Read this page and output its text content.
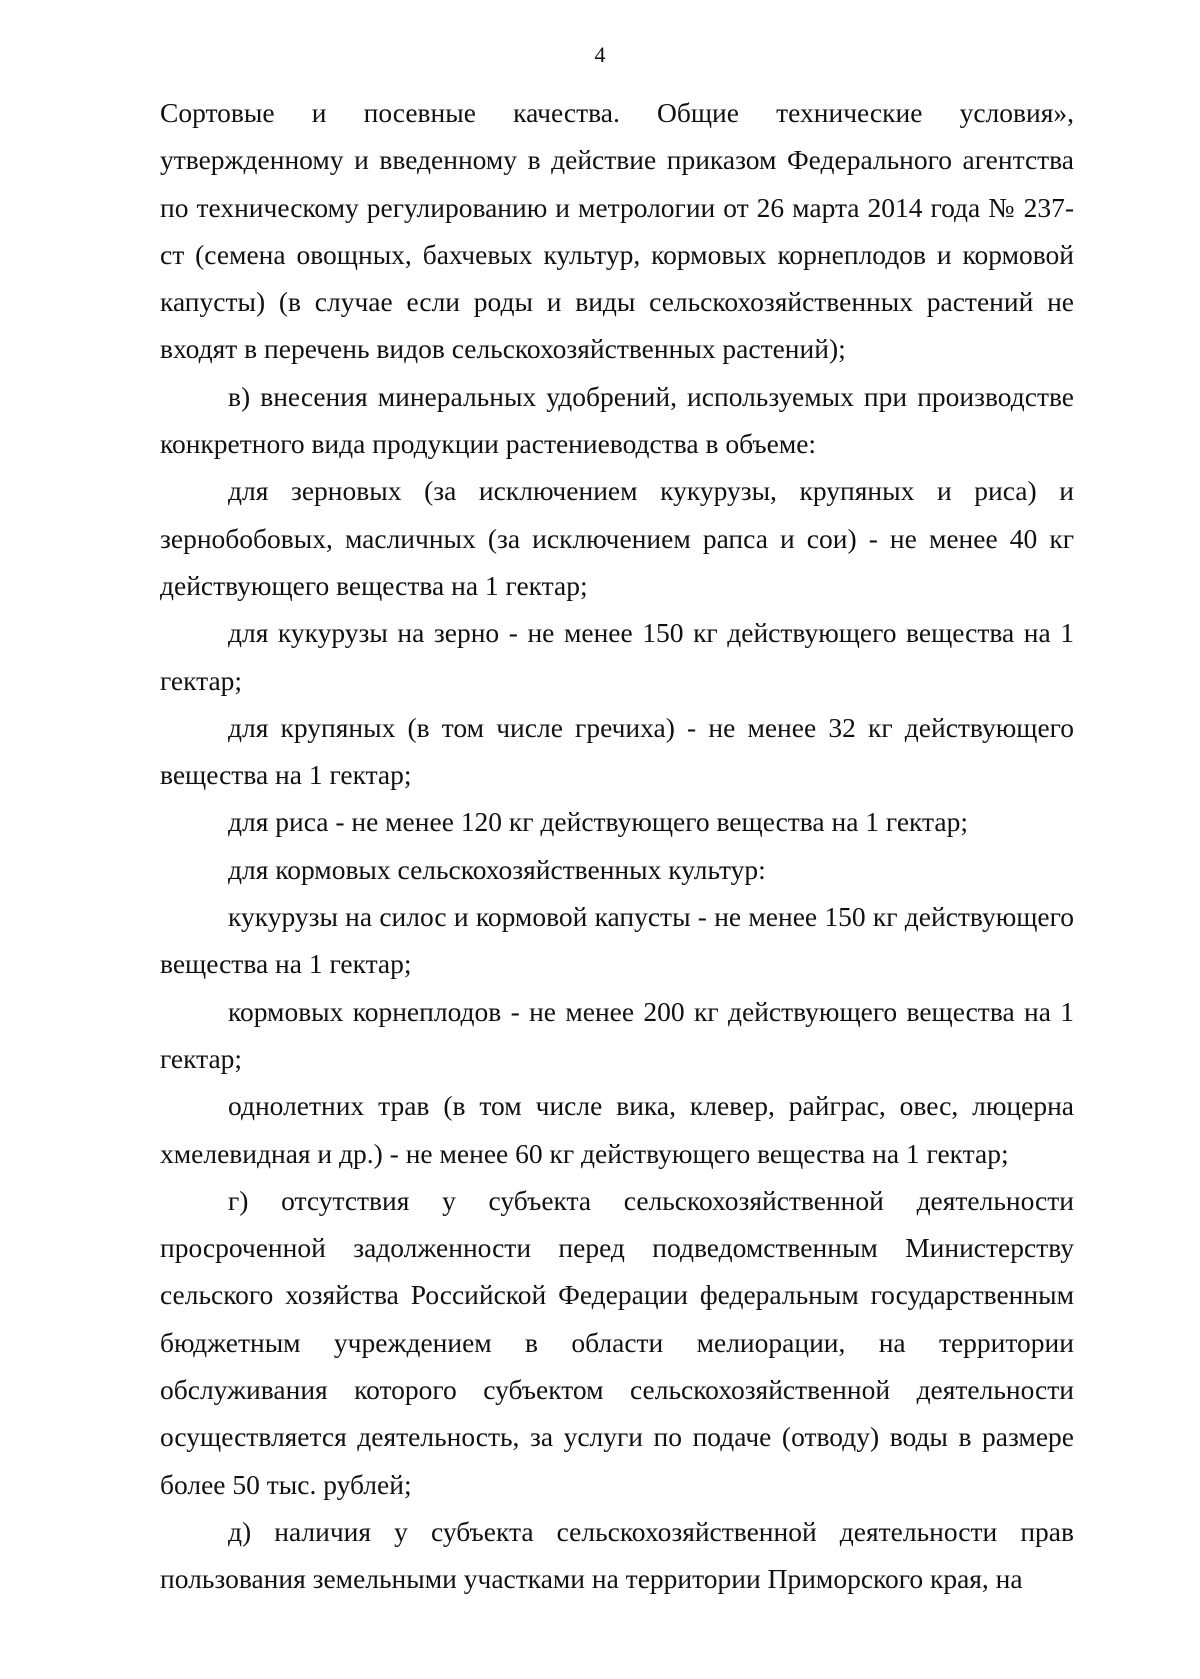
4

Сортовые и посевные качества. Общие технические условия», утвержденному и введенному в действие приказом Федерального агентства по техническому регулированию и метрологии от 26 марта 2014 года № 237-ст (семена овощных, бахчевых культур, кормовых корнеплодов и кормовой капусты) (в случае если роды и виды сельскохозяйственных растений не входят в перечень видов сельскохозяйственных растений);

в) внесения минеральных удобрений, используемых при производстве конкретного вида продукции растениеводства в объеме:

для зерновых (за исключением кукурузы, крупяных и риса) и зернобобовых, масличных (за исключением рапса и сои) - не менее 40 кг действующего вещества на 1 гектар;

для кукурузы на зерно - не менее 150 кг действующего вещества на 1 гектар;

для крупяных (в том числе гречиха) - не менее 32 кг действующего вещества на 1 гектар;

для риса - не менее 120 кг действующего вещества на 1 гектар;

для кормовых сельскохозяйственных культур:

кукурузы на силос и кормовой капусты - не менее 150 кг действующего вещества на 1 гектар;

кормовых корнеплодов - не менее 200 кг действующего вещества на 1 гектар;

однолетних трав (в том числе вика, клевер, райграс, овес, люцерна хмелевидная и др.) - не менее 60 кг действующего вещества на 1 гектар;

г) отсутствия у субъекта сельскохозяйственной деятельности просроченной задолженности перед подведомственным Министерству сельского хозяйства Российской Федерации федеральным государственным бюджетным учреждением в области мелиорации, на территории обслуживания которого субъектом сельскохозяйственной деятельности осуществляется деятельность, за услуги по подаче (отводу) воды в размере более 50 тыс. рублей;

д) наличия у субъекта сельскохозяйственной деятельности прав пользования земельными участками на территории Приморского края, на
